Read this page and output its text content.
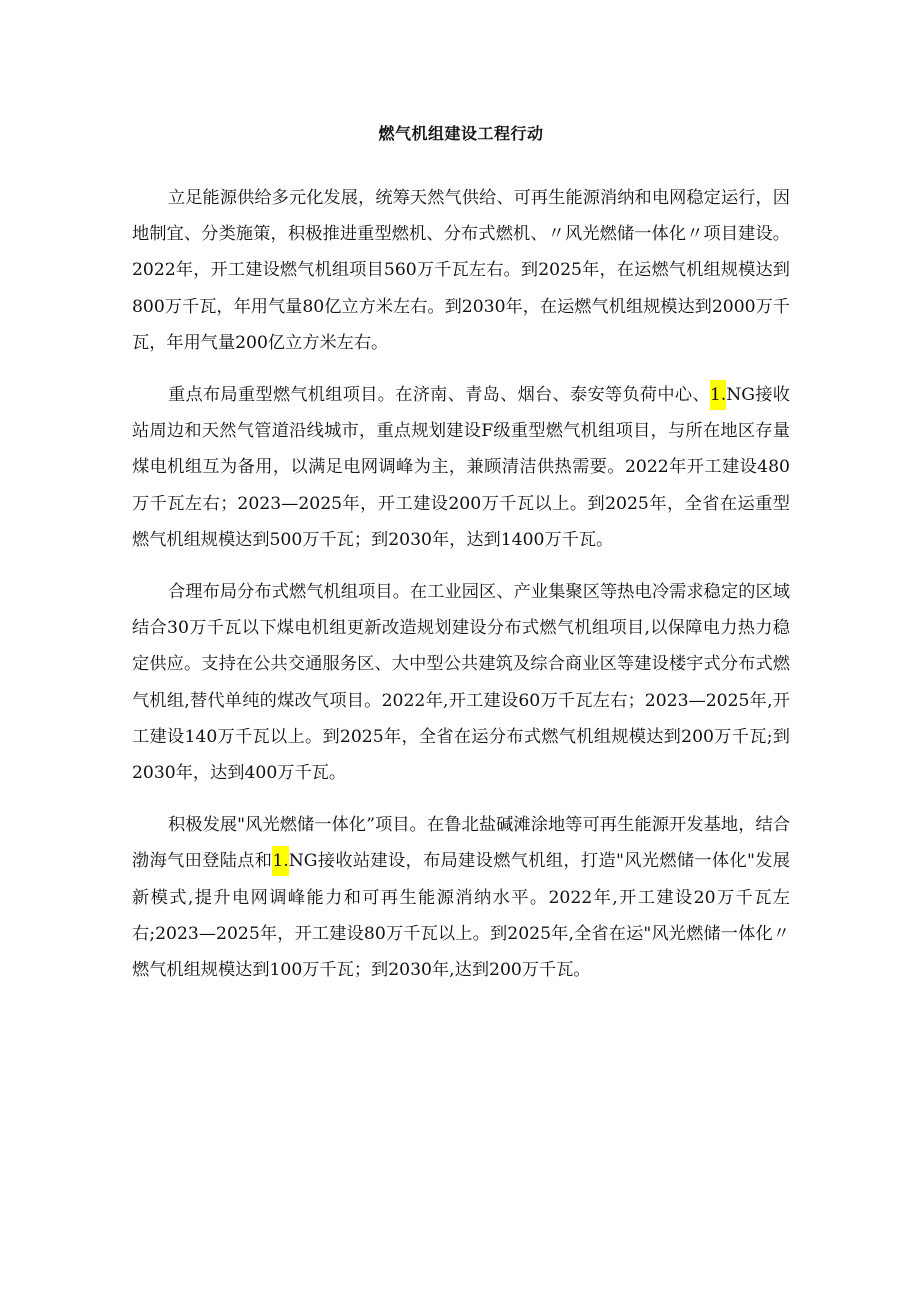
燃气机组建设工程行动

立足能源供给多元化发展，统筹天然气供给、可再生能源消纳和电网稳定运行，因地制宜、分类施策，积极推进重型燃机、分布式燃机、〃风光燃储一体化〃项目建设。2022年，开工建设燃气机组项目560万千瓦左右。到2025年，在运燃气机组规模达到800万千瓦，年用气量80亿立方米左右。到2030年，在运燃气机组规模达到2000万千瓦，年用气量200亿立方米左右。

重点布局重型燃气机组项目。在济南、青岛、烟台、泰安等负荷中心、1.NG接收站周边和天然气管道沿线城市，重点规划建设F级重型燃气机组项目，与所在地区存量煤电机组互为备用，以满足电网调峰为主，兼顾清洁供热需要。2022年开工建设480万千瓦左右；2023—2025年，开工建设200万千瓦以上。到2025年，全省在运重型燃气机组规模达到500万千瓦；到2030年，达到1400万千瓦。

合理布局分布式燃气机组项目。在工业园区、产业集聚区等热电冷需求稳定的区域结合30万千瓦以下煤电机组更新改造规划建设分布式燃气机组项目,以保障电力热力稳定供应。支持在公共交通服务区、大中型公共建筑及综合商业区等建设楼宇式分布式燃气机组,替代单纯的煤改气项目。2022年,开工建设60万千瓦左右；2023—2025年,开工建设140万千瓦以上。到2025年，全省在运分布式燃气机组规模达到200万千瓦;到2030年，达到400万千瓦。

积极发展"风光燃储一体化”项目。在鲁北盐碱滩涂地等可再生能源开发基地，结合渤海气田登陆点和1.NG接收站建设，布局建设燃气机组，打造"风光燃储一体化"发展新模式,提升电网调峰能力和可再生能源消纳水平。2022年,开工建设20万千瓦左右;2023—2025年，开工建设80万千瓦以上。到2025年,全省在运"风光燃储一体化〃燃气机组规模达到100万千瓦；到2030年,达到200万千瓦。
